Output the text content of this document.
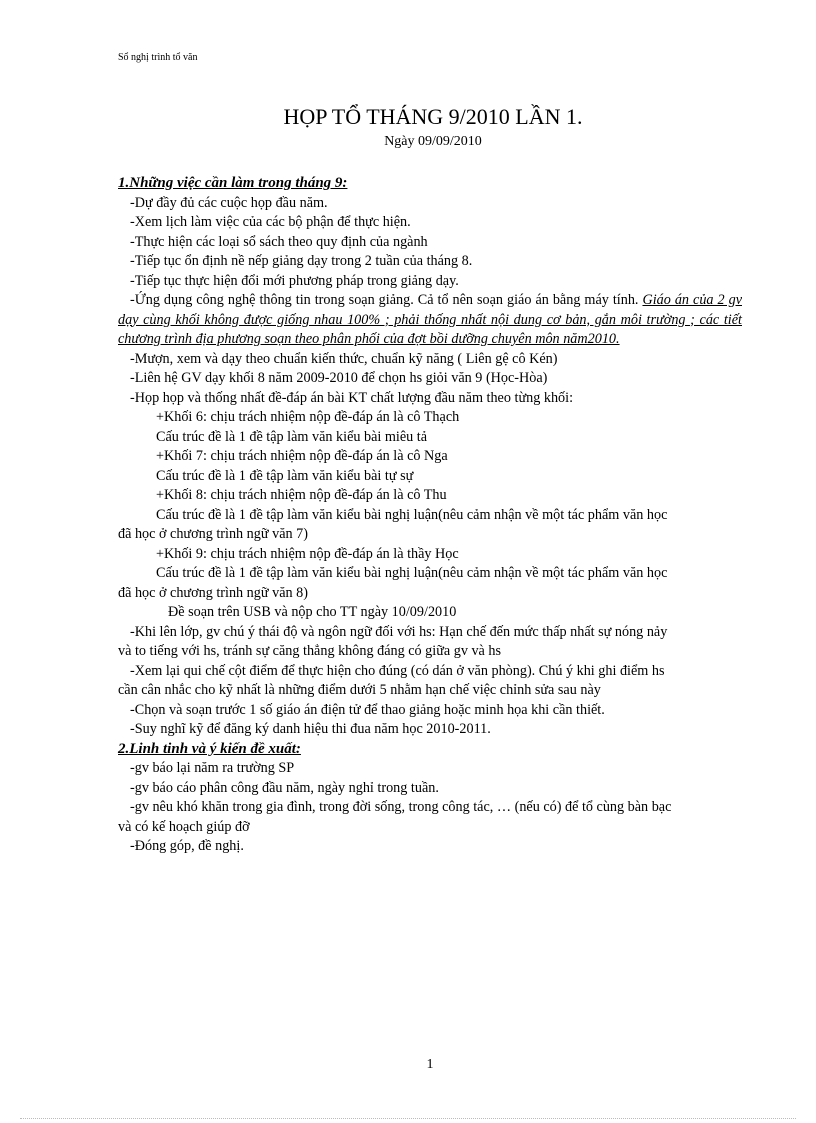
Sổ nghị trình tổ văn
HỌP TỔ THÁNG 9/2010 LẦN 1.
Ngày 09/09/2010
1.Những việc cần làm trong tháng 9:
-Dự đầy đủ các cuộc họp đầu năm.
-Xem lịch làm việc của các bộ phận để thực hiện.
-Thực hiện các loại sổ sách theo quy định của ngành
-Tiếp tục ổn định nề nếp giảng dạy trong 2 tuần của tháng 8.
-Tiếp tục thực hiện đổi mới phương pháp trong giảng dạy.
-Ứng dụng công nghệ thông tin trong soạn giảng. Cả tổ nên soạn giáo án bằng máy tính. Giáo án của 2 gv dạy cùng khối không được giống nhau 100% ; phải thống nhất nội dung cơ bản, gắn môi trường ; các tiết chương trình địa phương soạn theo phân phối của đợt bồi dưỡng chuyên môn năm2010.
-Mượn, xem và dạy theo chuẩn kiến thức, chuẩn kỹ năng ( Liên gệ cô Kén)
-Liên hệ GV dạy khối 8 năm 2009-2010 để chọn hs giỏi văn 9 (Học-Hòa)
-Họp họp và thống nhất đề-đáp án bài KT chất lượng đầu năm theo từng khối:
+Khối 6: chịu trách nhiệm nộp đề-đáp án là cô Thạch
Cấu trúc đề là 1 đề tập làm văn kiểu bài miêu tả
+Khối 7: chịu trách nhiệm nộp đề-đáp án là cô Nga
Cấu trúc đề là 1 đề tập làm văn kiểu bài tự sự
+Khối 8: chịu trách nhiệm nộp đề-đáp án là cô Thu
Cấu trúc đề là 1 đề tập làm văn kiểu bài nghị luận(nêu cảm nhận về một tác phẩm văn học
đã học ở chương trình ngữ văn 7)
+Khối 9: chịu trách nhiệm nộp đề-đáp án là thầy Học
Cấu trúc đề là 1 đề tập làm văn kiểu bài nghị luận(nêu cảm nhận về một tác phẩm văn học
đã học ở chương trình ngữ văn 8)
Đề soạn trên USB và nộp cho TT ngày 10/09/2010
-Khi lên lớp, gv chú ý thái độ và ngôn ngữ đối với hs: Hạn chế đến mức thấp nhất sự nóng nảy
và to tiếng với hs, tránh sự căng thẳng không đáng có giữa gv và hs
-Xem lại qui chế cột điểm để thực hiện cho đúng (có dán ở văn phòng). Chú ý khi ghi điểm hs
cần cân nhắc cho kỹ nhất là những điểm dưới 5 nhằm hạn chế việc chỉnh sửa sau này
-Chọn và soạn trước 1 số giáo án điện tử để thao giảng hoặc minh họa khi cần thiết.
-Suy nghĩ kỹ để đăng ký danh hiệu thi đua năm học 2010-2011.
2.Linh tinh và ý kiến đề xuất:
-gv báo lại năm ra trường SP
-gv báo cáo phân công đầu năm, ngày nghỉ trong tuần.
-gv nêu khó khăn trong gia đình, trong đời sống, trong công tác, … (nếu có) để tổ cùng bàn bạc
và có kế hoạch giúp đỡ
-Đóng góp, đề nghị.
1
